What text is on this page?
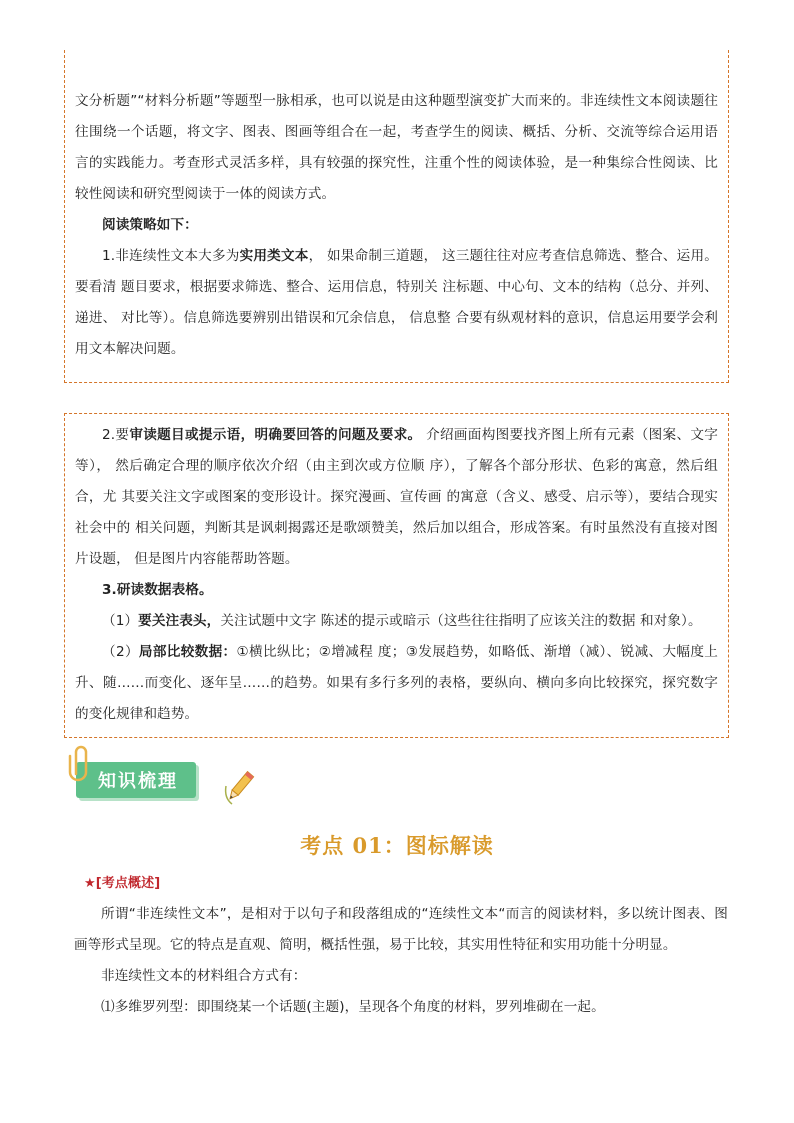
文分析题”“材料分析题”等题型一脉相承，也可以说是由这种题型演变扩大而来的。非连续性文本阅读题往往围绕一个话题，将文字、图表、图画等组合在一起，考查学生的阅读、概括、分析、交流等综合运用语言的实践能力。考查形式灵活多样，具有较强的探究性，注重个性的阅读体验，是一种集综合性阅读、比较性阅读和研究型阅读于一体的阅读方式。

阅读策略如下：

1.非连续性文本大多为实用类文本， 如果命制三道题， 这三题往往对应考查信息筛选、整合、运用。要看清 题目要求，根据要求筛选、整合、运用信息，特别关 注标题、中心句、文本的结构（总分、并列、递进、 对比等）。信息筛选要辨别出错误和冗余信息， 信息整 合要有纵观材料的意识，信息运用要学会利用文本解决问题。

2.要审读题目或提示语，明确要回答的问题及要求。 介绍画面构图要找齐图上所有元素（图案、文字等）， 然后确定合理的顺序依次介绍（由主到次或方位顺 序），了解各个部分形状、色彩的寓意，然后组合，尤 其要关注文字或图案的变形设计。探究漫画、宣传画 的寓意（含义、感受、启示等），要结合现实社会中的 相关问题，判断其是讽刺揭露还是歌颂赞美，然后加以组合，形成答案。有时虽然没有直接对图片设题， 但是图片内容能帮助答题。

3.研读数据表格。

（1）要关注表头，关注试题中文字 陈述的提示或暗示（这些往往指明了应该关注的数据 和对象）。

（2）局部比较数据：①横比纵比；②增减程 度；③发展趋势，如略低、渐增（减）、锐减、大幅度上升、随……而变化、逐年呈……的趋势。如果有多行多列的表格，要纵向、横向多向比较探究，探究数字的变化规律和趋势。

知识梳理
考点 01：图标解读

★[考点概述]

所谓“非连续性文本”，是相对于以句子和段落组成的“连续性文本“而言的阅读材料，多以统计图表、图画等形式呈现。它的特点是直观、简明，概括性强，易于比较，其实用性特征和实用功能十分明显。

非连续性文本的材料组合方式有：

⑴多维罗列型：即围绕某一个话题(主题)，呈现各个角度的材料，罗列堆砌在一起。
